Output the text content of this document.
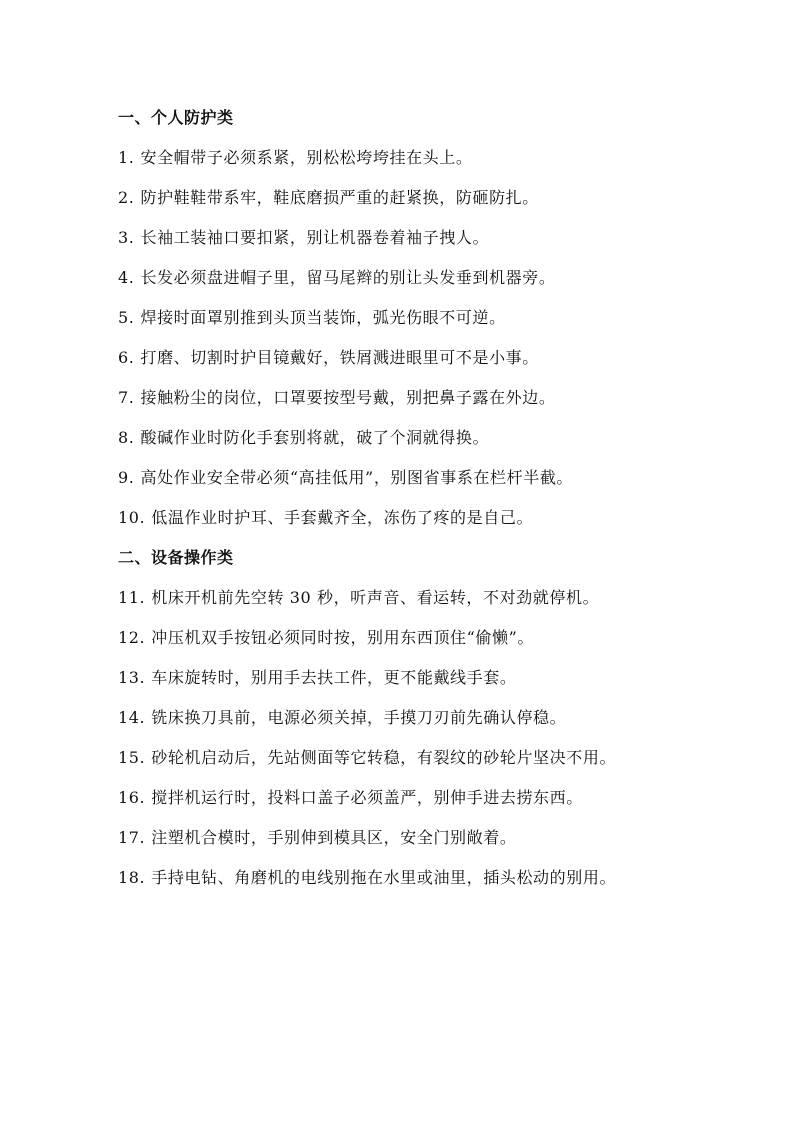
一、个人防护类
1. 安全帽带子必须系紧，别松松垮垮挂在头上。
2. 防护鞋鞋带系牢，鞋底磨损严重的赶紧换，防砸防扎。
3. 长袖工装袖口要扣紧，别让机器卷着袖子拽人。
4. 长发必须盘进帽子里，留马尾辫的别让头发垂到机器旁。
5. 焊接时面罩别推到头顶当装饰，弧光伤眼不可逆。
6. 打磨、切割时护目镜戴好，铁屑溅进眼里可不是小事。
7. 接触粉尘的岗位，口罩要按型号戴，别把鼻子露在外边。
8. 酸碱作业时防化手套别将就，破了个洞就得换。
9. 高处作业安全带必须“高挂低用”，别图省事系在栏杆半截。
10. 低温作业时护耳、手套戴齐全，冻伤了疼的是自己。
二、设备操作类
11. 机床开机前先空转 30 秒，听声音、看运转，不对劲就停机。
12. 冲压机双手按钮必须同时按，别用东西顶住“偷懒”。
13. 车床旋转时，别用手去扶工件，更不能戴线手套。
14. 铣床换刀具前，电源必须关掉，手摸刀刃前先确认停稳。
15. 砂轮机启动后，先站侧面等它转稳，有裂纹的砂轮片坚决不用。
16. 搅拌机运行时，投料口盖子必须盖严，别伸手进去捞东西。
17. 注塑机合模时，手别伸到模具区，安全门别敞着。
18. 手持电钻、角磨机的电线别拖在水里或油里，插头松动的别用。
